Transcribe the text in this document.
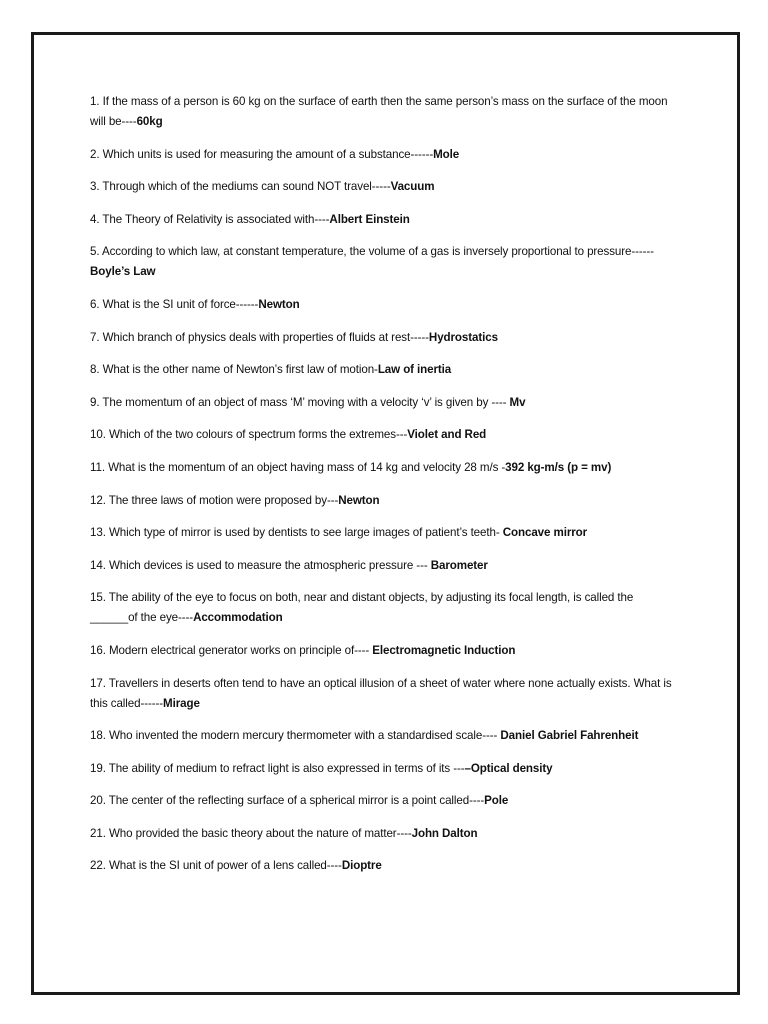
1. If the mass of a person is 60 kg on the surface of earth then the same person’s mass on the surface of the moon will be----60kg
2. Which units is used for measuring the amount of a substance------Mole
3. Through which of the mediums can sound NOT travel-----Vacuum
4. The Theory of Relativity is associated with----Albert Einstein
5. According to which law, at constant temperature, the volume of a gas is inversely proportional to pressure------ Boyle’s Law
6. What is the SI unit of force------Newton
7. Which branch of physics deals with properties of fluids at rest-----Hydrostatics
8. What is the other name of Newton’s first law of motion-Law of inertia
9. The momentum of an object of mass ‘M’ moving with a velocity ‘v’ is given by ---- Mv
10. Which of the two colours of spectrum forms the extremes---Violet and Red
11. What is the momentum of an object having mass of 14 kg and velocity 28 m/s -392 kg-m/s (p = mv)
12. The three laws of motion were proposed by---Newton
13. Which type of mirror is used by dentists to see large images of patient’s teeth- Concave mirror
14. Which devices is used to measure the atmospheric pressure --- Barometer
15. The ability of the eye to focus on both, near and distant objects, by adjusting its focal length, is called the ______of the eye----Accommodation
16. Modern electrical generator works on principle of---- Electromagnetic Induction
17. Travellers in deserts often tend to have an optical illusion of a sheet of water where none actually exists. What is this called------Mirage
18. Who invented the modern mercury thermometer with a standardised scale---- Daniel Gabriel Fahrenheit
19. The ability of medium to refract light is also expressed in terms of its ---–Optical density
20. The center of the reflecting surface of a spherical mirror is a point called----Pole
21. Who provided the basic theory about the nature of matter----John Dalton
22. What is the SI unit of power of a lens called----Dioptre
